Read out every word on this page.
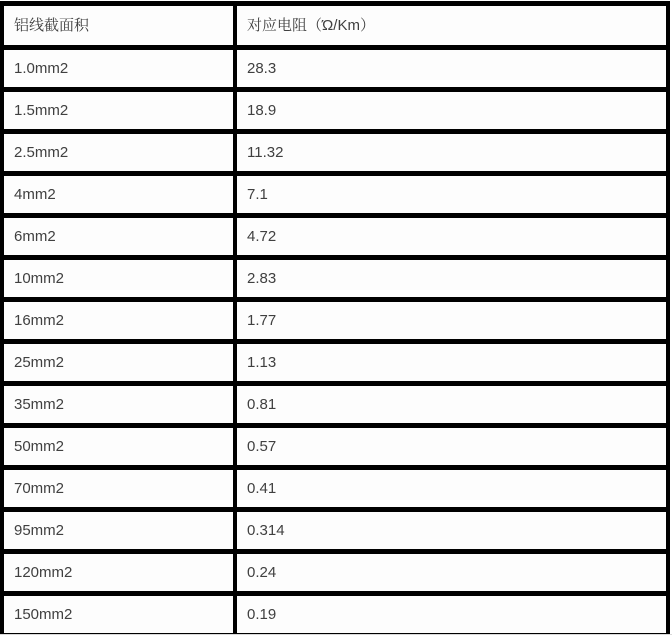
铝线截面积	对应电阻（Ώ/Km）
1.0mm2	28.3
1.5mm2	18.9
2.5mm2	11.32
4mm2	7.1
6mm2	4.72
10mm2	2.83
16mm2	1.77
25mm2	1.13
35mm2	0.81
50mm2	0.57
70mm2	0.41
95mm2	0.314
120mm2	0.24
150mm2	0.19
